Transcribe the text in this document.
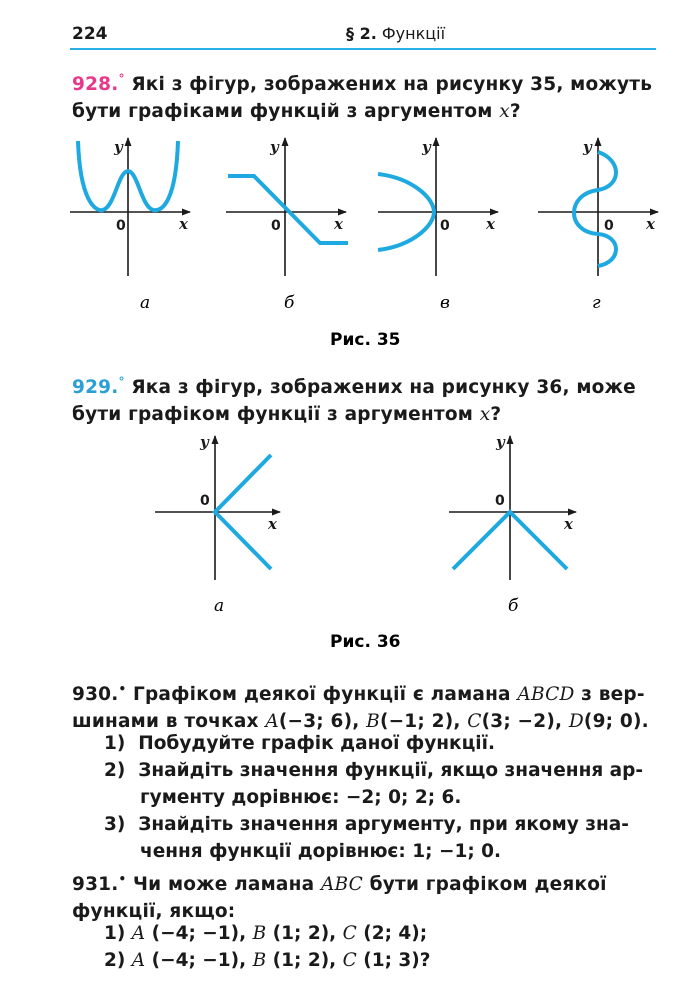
224	§ 2. Функції
928.° Які з фігур, зображених на рисунку 35, можуть
бути графіками функцій з аргументом x?
y
0	x
а
y
0	x
б
y
0 x
в
y
0 x
г
Рис. 35
y
0
x
а
y
0
x
б
Рис. 36
929.° Яка з фігур, зображених на рисунку 36, може
бути графіком функції з аргументом x?
930.• Графіком деякої функції є ламана ABCD з вер-
шинами в точках A(−3; 6), B(−1; 2), C(3; −2), D(9; 0).
1) Побудуйте графік даної функції.
2) Знайдіть значення функції, якщо значення ар-
гументу дорівнює: −2; 0; 2; 6.
3) Знайдіть значення аргументу, при якому зна-
чення функції дорівнює: 1; −1; 0.
931.• Чи може ламана ABC бути графіком деякої
функції, якщо:
1) A (−4; −1), B (1; 2), C (2; 4);
2) A (−4; −1), B (1; 2), C (1; 3)?
